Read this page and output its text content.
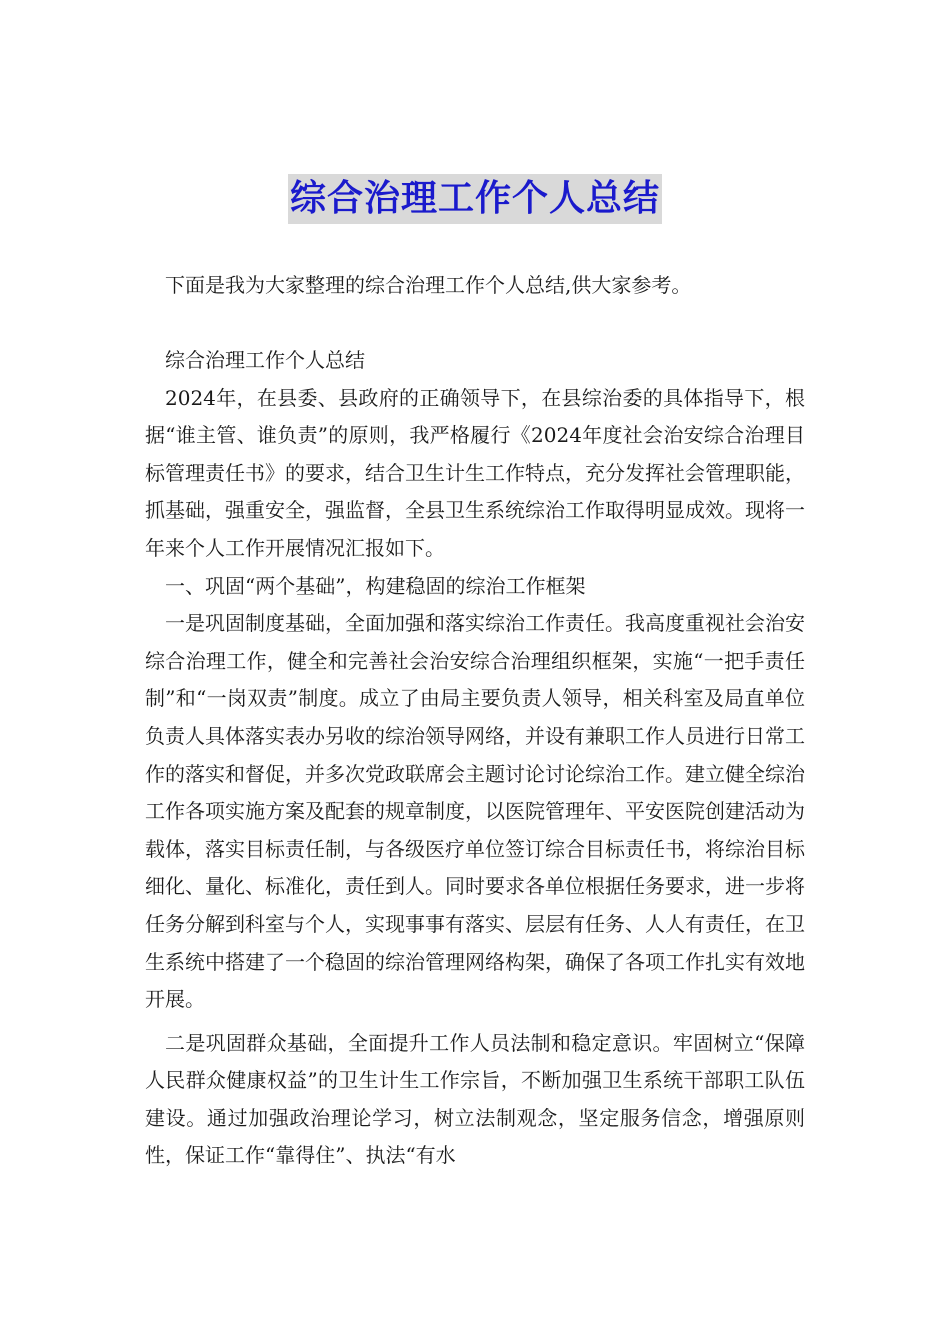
综合治理工作个人总结
下面是我为大家整理的综合治理工作个人总结,供大家参考。

综合治理工作个人总结

2024年，在县委、县政府的正确领导下，在县综治委的具体指导下，根据“谁主管、谁负责”的原则，我严格履行《2024年度社会治安综合治理目标管理责任书》的要求，结合卫生计生工作特点，充分发挥社会管理职能，抓基础，强重安全，强监督，全县卫生系统综治工作取得明显成效。现将一年来个人工作开展情况汇报如下。

一、巩固“两个基础”，构建稳固的综治工作框架

一是巩固制度基础，全面加强和落实综治工作责任。我高度重视社会治安综合治理工作，健全和完善社会治安综合治理组织框架，实施“一把手责任制”和“一岗双责”制度。成立了由局主要负责人领导，相关科室及局直单位负责人具体落实表办另收的综治领导网络，并设有兼职工作人员进行日常工作的落实和督促，并多次党政联席会主题讨论讨论综治工作。建立健全综治工作各项实施方案及配套的规章制度，以医院管理年、平安医院创建活动为载体，落实目标责任制，与各级医疗单位签订综合目标责任书，将综治目标细化、量化、标准化，责任到人。同时要求各单位根据任务要求，进一步将任务分解到科室与个人，实现事事有落实、层层有任务、人人有责任，在卫生系统中搭建了一个稳固的综治管理网络构架，确保了各项工作扎实有效地开展。

二是巩固群众基础，全面提升工作人员法制和稳定意识。牢固树立“保障人民群众健康权益”的卫生计生工作宗旨，不断加强卫生系统干部职工队伍建设。通过加强政治理论学习，树立法制观念，坚定服务信念，增强原则性，保证工作“靠得住”、执法“有水
